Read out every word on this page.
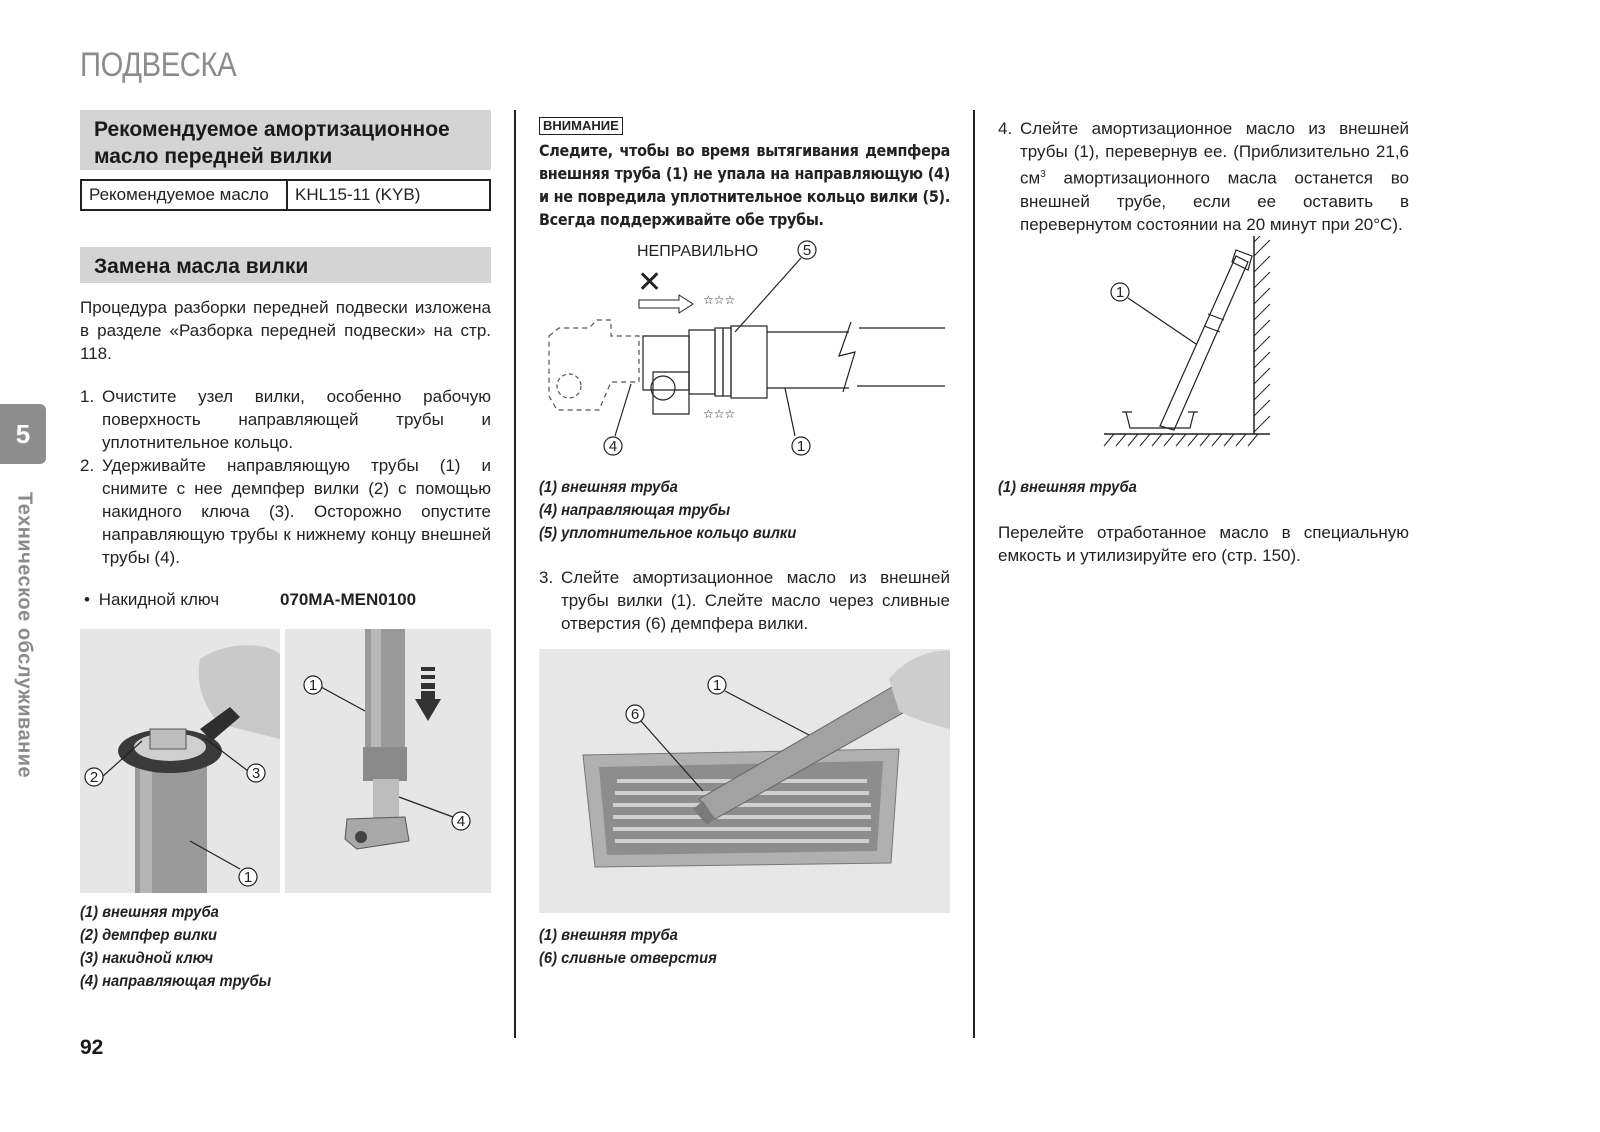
ПОДВЕСКА
5
Техническое обслуживание
Рекомендуемое амортизационное масло передней вилки
Рекомендуемое масло	KHL15-11 (KYB)
Замена масла вилки
Процедура разборки передней подвески изложена в разделе «Разборка передней подвески» на стр. 118.
1. Очистите узел вилки, особенно рабочую поверхность направляющей трубы и уплотнительное кольцо.
2. Удерживайте направляющую трубы (1) и снимите с нее демпфер вилки (2) с помощью накидного ключа (3). Осторожно опустите направляющую трубы к нижнему концу внешней трубы (4).
• Накидной ключ	070MA-MEN0100
2	3
1
1
4
(1) внешняя труба
(2) демпфер вилки
(3) накидной ключ
(4) направляющая трубы
ВНИМАНИЕ
Следите, чтобы во время вытягивания демпфера внешняя труба (1) не упала на направляющую (4) и не повредила уплотнительное кольцо вилки (5). Всегда поддерживайте обе трубы.
НЕПРАВИЛЬНО
✕	☆☆☆
☆☆☆
5
4	1
(1) внешняя труба
(4) направляющая трубы
(5) уплотнительное кольцо вилки
3. Слейте амортизационное масло из внешней трубы вилки (1). Слейте масло через сливные отверстия (6) демпфера вилки.
1
6
(1) внешняя труба
(6) сливные отверстия
4. Слейте амортизационное масло из внешней трубы (1), перевернув ее. (Приблизительно 21,6 $см^3$ амортизационного масла останется во внешней трубе, если ее оставить в перевернутом состоянии на 20 минут при 20°C).
1
(1) внешняя труба
Перелейте отработанное масло в специальную емкость и утилизируйте его (стр. 150).
92
